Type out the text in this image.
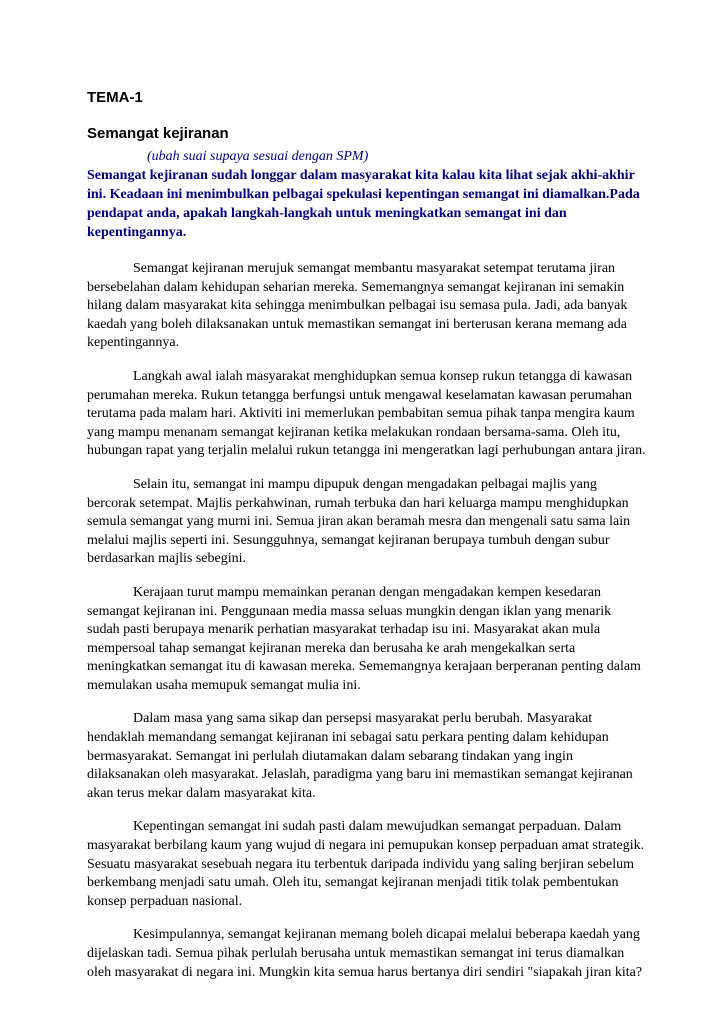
TEMA-1

Semangat kejiranan

(ubah suai supaya sesuai dengan SPM)

Semangat kejiranan sudah longgar dalam masyarakat kita kalau kita lihat sejak akhi-akhir ini. Keadaan ini menimbulkan pelbagai spekulasi kepentingan semangat ini diamalkan.Pada pendapat anda, apakah langkah-langkah untuk meningkatkan semangat ini dan kepentingannya.

Semangat kejiranan merujuk semangat membantu masyarakat setempat terutama jiran bersebelahan dalam kehidupan seharian mereka. Sememangnya semangat kejiranan ini semakin hilang dalam masyarakat kita sehingga menimbulkan pelbagai isu semasa pula. Jadi, ada banyak kaedah yang boleh dilaksanakan untuk memastikan semangat ini berterusan kerana memang ada kepentingannya.

Langkah awal ialah masyarakat menghidupkan semua konsep rukun tetangga di kawasan perumahan mereka. Rukun tetangga berfungsi untuk mengawal keselamatan kawasan perumahan terutama pada malam hari. Aktiviti ini memerlukan pembabitan semua pihak tanpa mengira kaum yang mampu menanam semangat kejiranan ketika melakukan rondaan bersama-sama. Oleh itu, hubungan rapat yang terjalin melalui rukun tetangga ini mengeratkan lagi perhubungan antara jiran.

Selain itu, semangat ini mampu dipupuk dengan mengadakan pelbagai majlis yang bercorak setempat. Majlis perkahwinan, rumah terbuka dan hari keluarga mampu menghidupkan semula semangat yang murni ini. Semua jiran akan beramah mesra dan mengenali satu sama lain melalui majlis seperti ini. Sesungguhnya, semangat kejiranan berupaya tumbuh dengan subur berdasarkan majlis sebegini.

Kerajaan turut mampu memainkan peranan dengan mengadakan kempen kesedaran semangat kejiranan ini. Penggunaan media massa seluas mungkin dengan iklan yang menarik sudah pasti berupaya menarik perhatian masyarakat terhadap isu ini. Masyarakat akan mula mempersoal tahap semangat kejiranan mereka dan berusaha ke arah mengekalkan serta meningkatkan semangat itu di kawasan mereka. Sememangnya kerajaan berperanan penting dalam memulakan usaha memupuk semangat mulia ini.

Dalam masa yang sama sikap dan persepsi masyarakat perlu berubah. Masyarakat hendaklah memandang semangat kejiranan ini sebagai satu perkara penting dalam kehidupan bermasyarakat. Semangat ini perlulah diutamakan dalam sebarang tindakan yang ingin dilaksanakan oleh masyarakat. Jelaslah, paradigma yang baru ini memastikan semangat kejiranan akan terus mekar dalam masyarakat kita.

Kepentingan semangat ini sudah pasti dalam mewujudkan semangat perpaduan. Dalam masyarakat berbilang kaum yang wujud di negara ini pemupukan konsep perpaduan amat strategik. Sesuatu masyarakat sesebuah negara itu terbentuk daripada individu yang saling berjiran sebelum berkembang menjadi satu umah. Oleh itu, semangat kejiranan menjadi titik tolak pembentukan konsep perpaduan nasional.

Kesimpulannya, semangat kejiranan memang boleh dicapai melalui beberapa kaedah yang dijelaskan tadi. Semua pihak perlulah berusaha untuk memastikan semangat ini terus diamalkan oleh masyarakat di negara ini. Mungkin kita semua harus bertanya diri sendiri "siapakah jiran kita?
